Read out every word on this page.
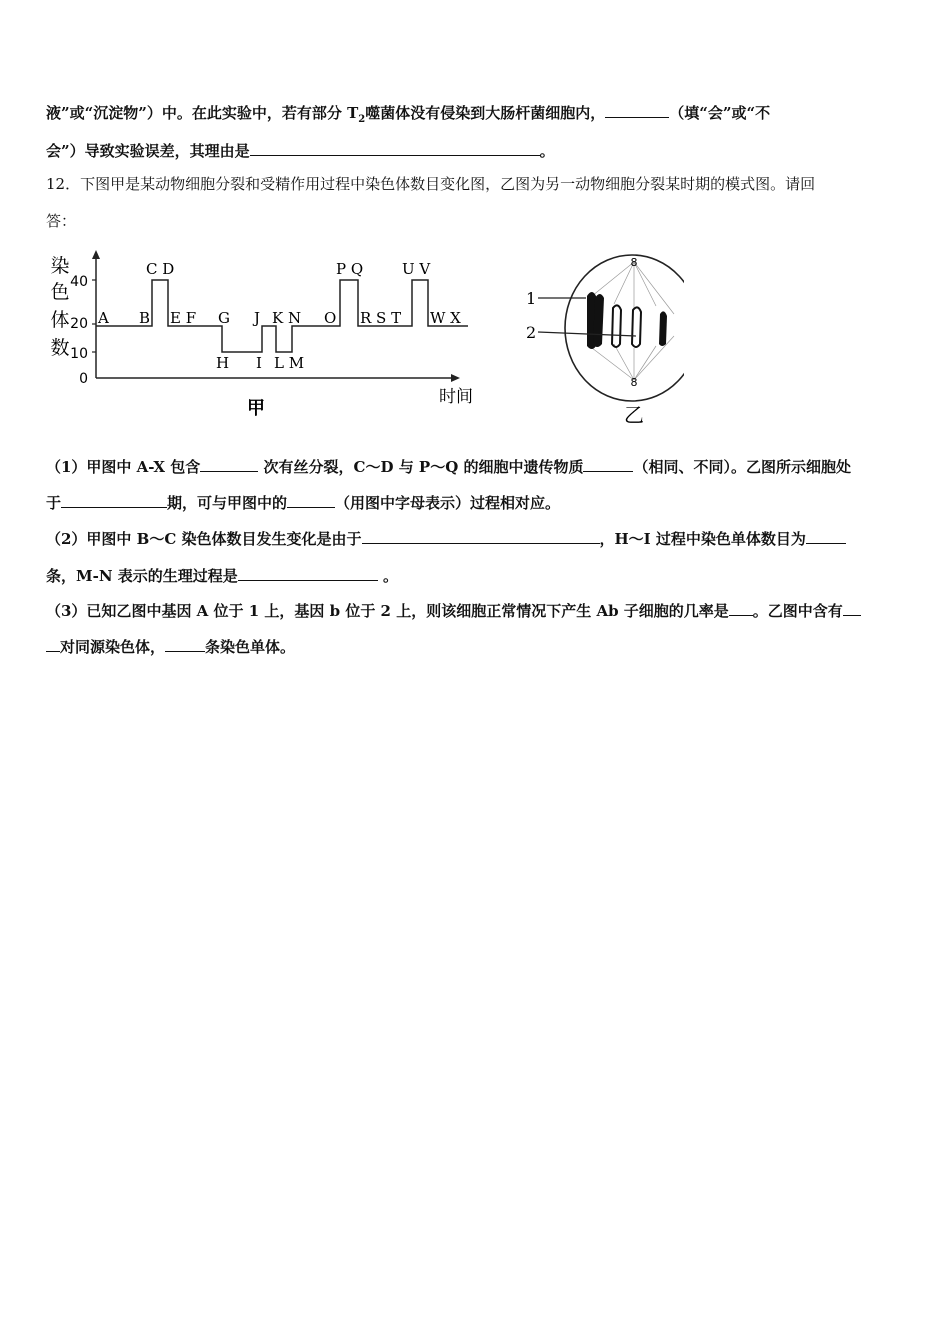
液”或“沉淀物”）中。在此实验中，若有部分 $T_2$噬菌体没有侵染到大肠杆菌细胞内，	（填“会”或“不
会”）导致实验误差，其理由是	。
12．下图甲是某动物细胞分裂和受精作用过程中染色体数目变化图，乙图为另一动物细胞分裂某时期的模式图。请回
答：
染
色
体
数
40
20
10
0
A B
C D
E F G J K N O
P Q
R S T
U V
W X
H I L M
时间
甲
8
8
1
2
乙
（1）甲图中 A-X 包含	次有丝分裂，C～D 与 P～Q 的细胞中遗传物质	（相同、不同）。乙图所示细胞处
于	期，可与甲图中的	（用图中字母表示）过程相对应。
（2）甲图中 B～C 染色体数目发生变化是由于	，H～I 过程中染色单体数目为
条，M-N 表示的生理过程是	。
（3）已知乙图中基因 A 位于 1 上，基因 b 位于 2 上，则该细胞正常情况下产生 Ab 子细胞的几率是 。乙图中含有
对同源染色体，	条染色单体。
